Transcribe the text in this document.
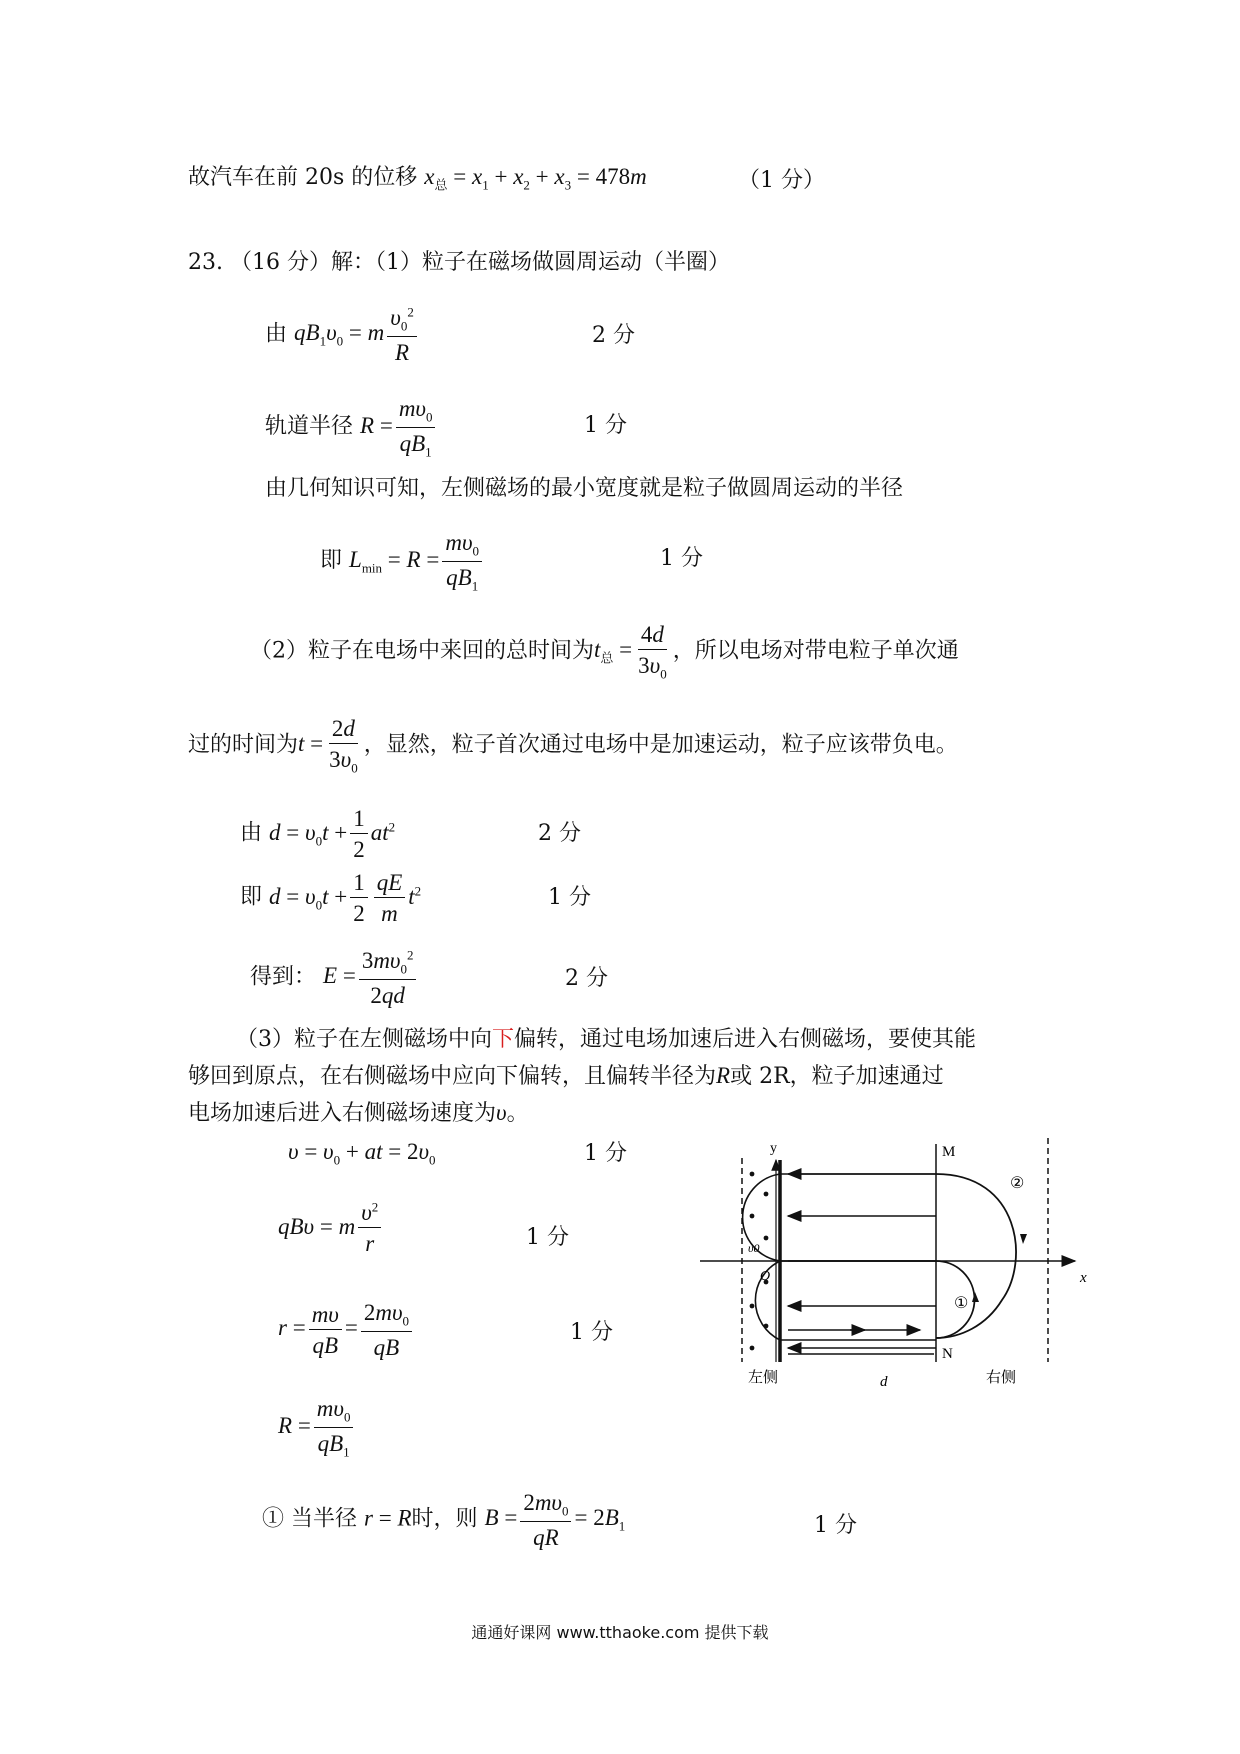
故汽车在前 20s 的位移 $x_总 = x_1 + x_2 + x_3 = 478m$	（1 分）
23. （16 分）解：（1）粒子在磁场做圆周运动（半圈）
由 $qB_1\upsilon_0 = m \frac{\upsilon_0^2}{R}$	2 分
轨道半径 $R = \frac{m\upsilon_0}{qB_1}$	1 分
由几何知识可知，左侧磁场的最小宽度就是粒子做圆周运动的半径
即 $L_{min} = R = \frac{m\upsilon_0}{qB_1}$	1 分
（2）粒子在电场中来回的总时间为$t_总 = \frac{4d}{3\upsilon_0}$ ，所以电场对带电粒子单次通
过的时间为$t = \frac{2d}{3\upsilon_0}$ ，显然，粒子首次通过电场中是加速运动，粒子应该带负电。
由 $d = \upsilon_0t + \frac{1}{2} at^2$	2 分
即 $d = \upsilon_0t + \frac{1}{2} \frac{qE}{m} t^2$	1 分
得到： $E = \frac{3m\upsilon_0^2}{2qd}$	2 分
（3）粒子在左侧磁场中向下偏转，通过电场加速后进入右侧磁场，要使其能
够回到原点，在右侧磁场中应向下偏转，且偏转半径为R或 2R，粒子加速通过
电场加速后进入右侧磁场速度为υ。
$\upsilon = \upsilon_0$ + at = $2\upsilon_0$	1 分
qBυ = m $\frac{\upsilon^2}{r}$	1 分
$r = \frac{m\upsilon}{qB} = \frac{2m\upsilon_0}{qB}$	1 分
$R = \frac{m\upsilon_0}{qB_1}$
① 当半径 r = R时，则 $B = \frac{2m\upsilon_0}{qR} = 2B_1$	1 分
y
x
M
N
O
υ0
d
左侧	右侧
①
②
通通好课网 www.tthaoke.com 提供下载
